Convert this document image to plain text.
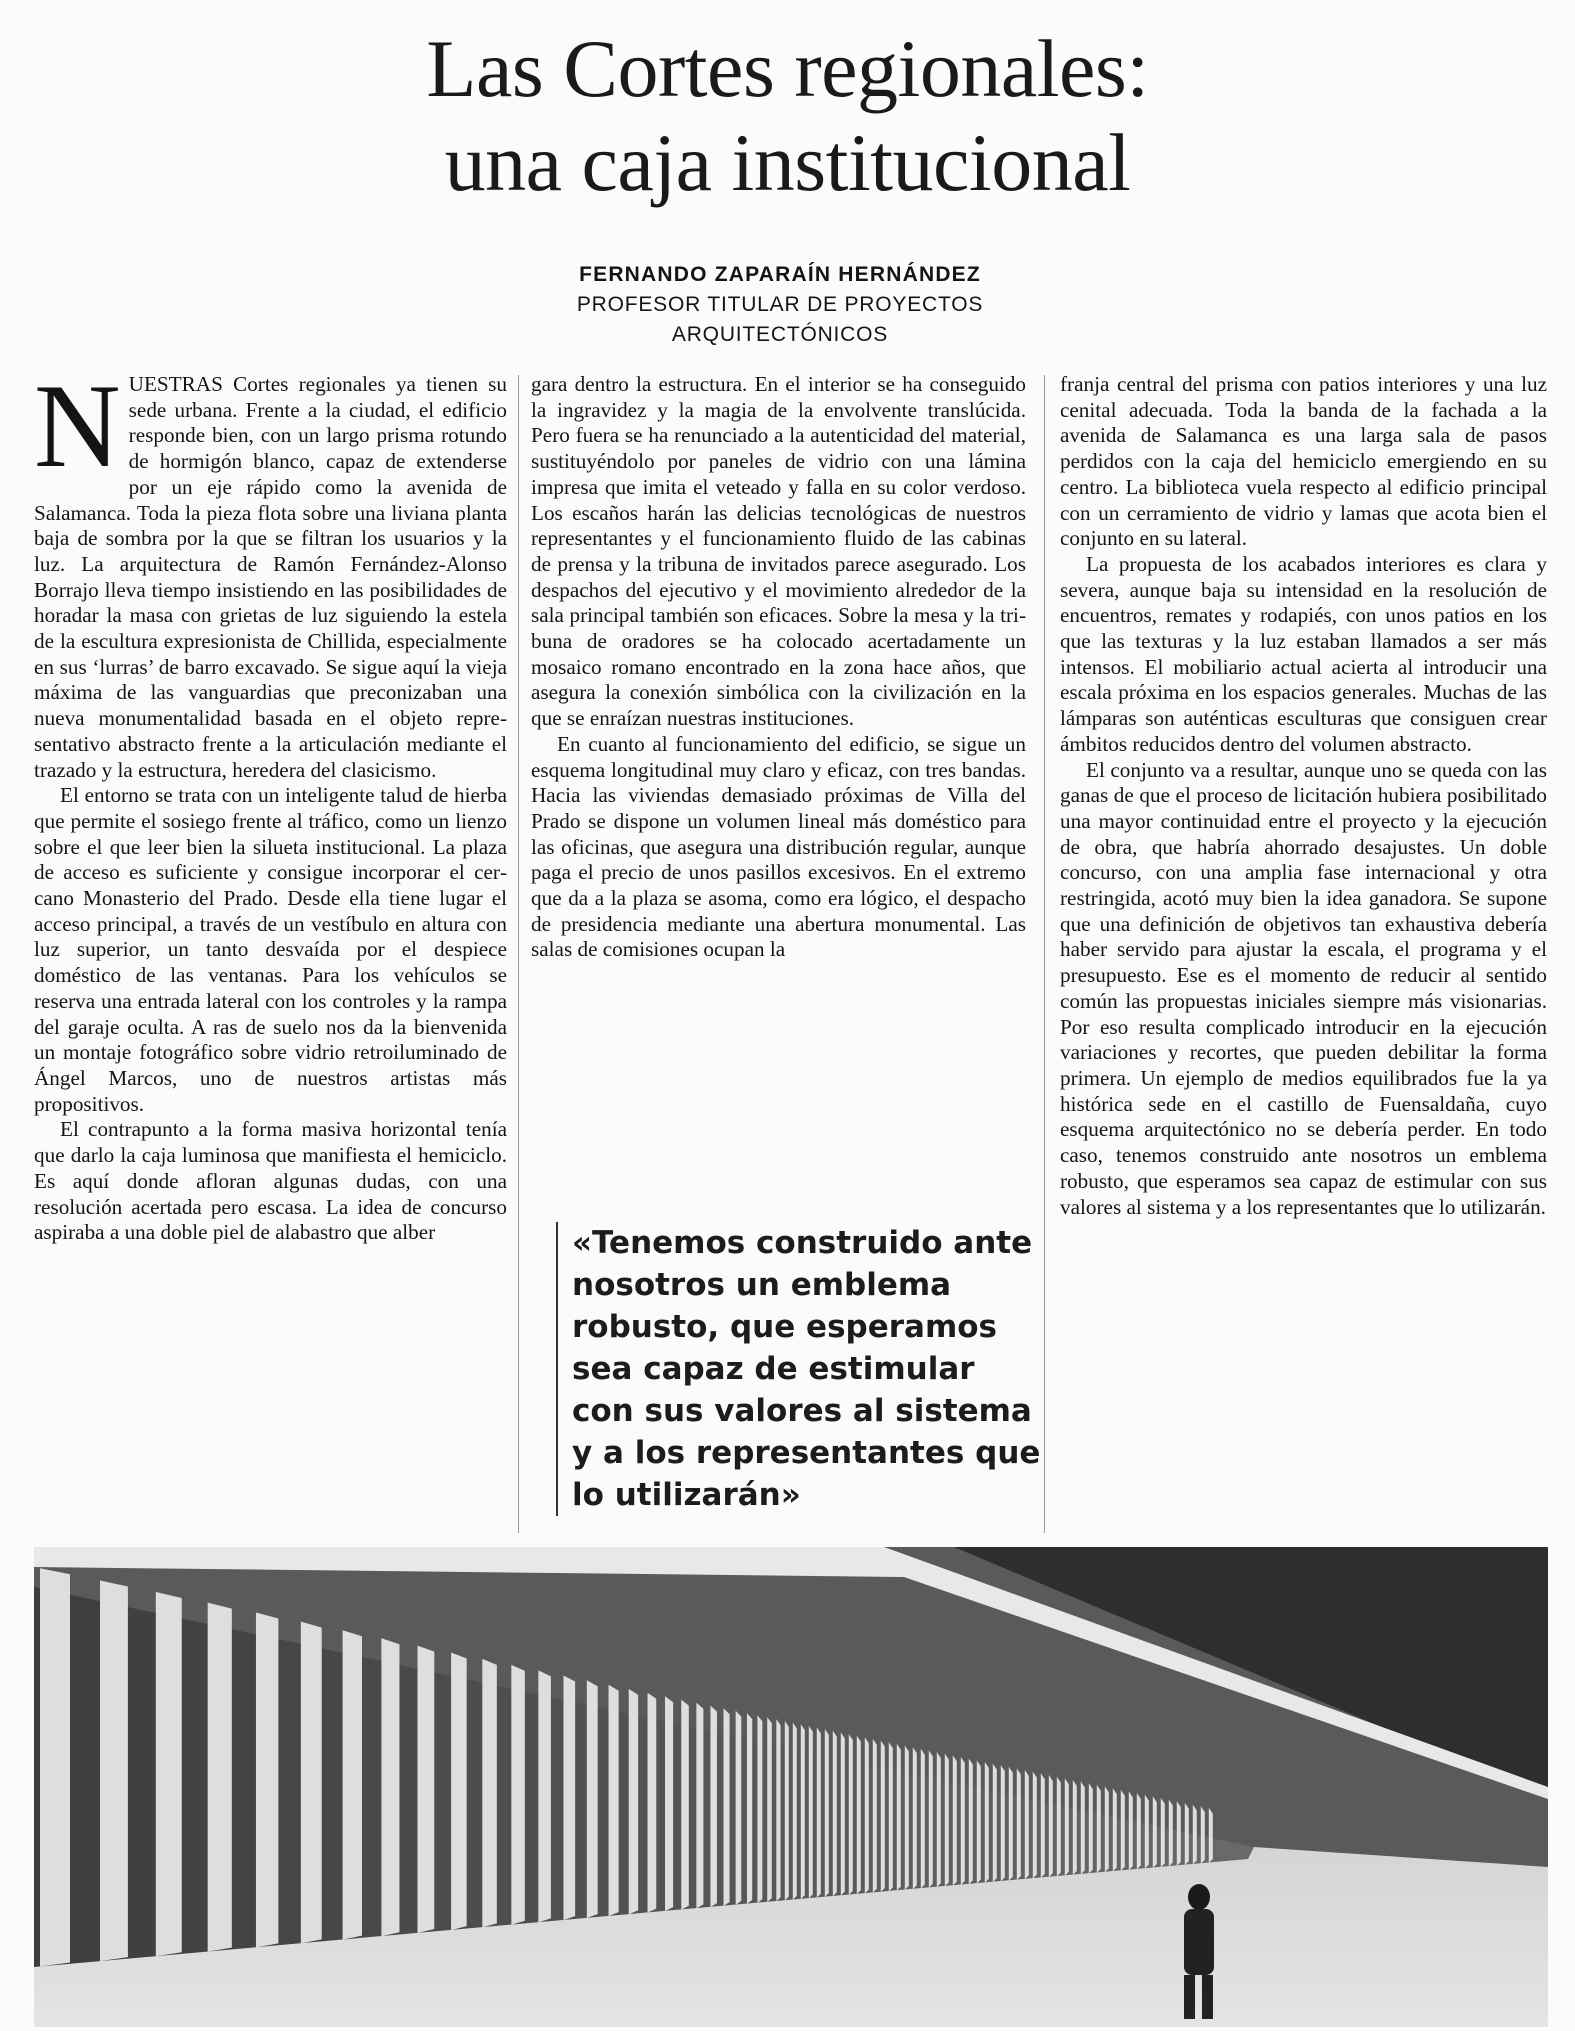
Las Cortes regionales:
una caja institucional
FERNANDO ZAPARAÍN HERNÁNDEZ
PROFESOR TITULAR DE PROYECTOS ARQUITECTÓNICOS

NUESTRAS Cortes regionales ya tienen su sede urbana. Frente a la ciudad, el edificio responde bien, con un largo prisma rotundo de hormigón blanco, capaz de extenderse por un eje rápido como la avenida de Salamanca. Toda la pieza flota sobre una liviana planta baja de sombra por la que se filtran los usuarios y la luz. La arquitectura de Ramón Fernández-Alonso Borrajo lleva tiempo insistiendo en las posibilidades de horadar la masa con grietas de luz siguiendo la estela de la escultura expresionista de Chillida, especialmente en sus ‘lurras’ de barro excavado. Se sigue aquí la vieja máxima de las vanguardias que preconizaban una nueva monumentalidad basada en el objeto representativo abstracto frente a la articulación mediante el trazado y la estructura, heredera del clasicismo.

El entorno se trata con un inteligente talud de hierba que permite el sosiego frente al tráfico, como un lienzo sobre el que leer bien la silueta institucional. La plaza de acceso es suficiente y consigue incorporar el cercano Monasterio del Prado. Desde ella tiene lugar el acceso principal, a través de un vestíbulo en altura con luz superior, un tanto desvaída por el despiece doméstico de las ventanas. Para los vehículos se reserva una entrada lateral con los controles y la rampa del garaje oculta. A ras de suelo nos da la bienvenida un montaje fotográfico sobre vidrio retroiluminado de Ángel Marcos, uno de nuestros artistas más propositivos.

El contrapunto a la forma masiva horizontal tenía que darlo la caja luminosa que manifiesta el hemiciclo. Es aquí donde afloran algunas dudas, con una resolución acertada pero escasa. La idea de concurso aspiraba a una doble piel de alabastro que alber

gara dentro la estructura. En el interior se ha conseguido la ingravidez y la magia de la envolvente translúcida. Pero fuera se ha renunciado a la autenticidad del material, sustituyéndolo por paneles de vidrio con una lámina impresa que imita el veteado y falla en su color verdoso. Los escaños harán las delicias tecnológicas de nuestros representantes y el funcionamiento fluido de las cabinas de prensa y la tribuna de invitados parece asegurado. Los despachos del ejecutivo y el movimiento alrededor de la sala principal también son eficaces. Sobre la mesa y la tribuna de oradores se ha colocado acertadamente un mosaico romano encontrado en la zona hace años, que asegura la conexión simbólica con la civilización en la que se enraízan nuestras instituciones.

En cuanto al funcionamiento del edificio, se sigue un esquema longitudinal muy claro y eficaz, con tres bandas. Hacia las viviendas demasiado próximas de Villa del Prado se dispone un volumen lineal más doméstico para las oficinas, que asegura una distribución regular, aunque paga el precio de unos pasillos excesivos. En el extremo que da a la plaza se asoma, como era lógico, el despacho de presidencia mediante una abertura monumental. Las salas de comisiones ocupan la

«Tenemos construido ante nosotros un emblema robusto, que esperamos sea capaz de estimular con sus valores al sistema y a los representantes que lo utilizarán»

franja central del prisma con patios interiores y una luz cenital adecuada. Toda la banda de la fachada a la avenida de Salamanca es una larga sala de pasos perdidos con la caja del hemiciclo emergiendo en su centro. La biblioteca vuela respecto al edificio principal con un cerramiento de vidrio y lamas que acota bien el conjunto en su lateral.

La propuesta de los acabados interiores es clara y severa, aunque baja su intensidad en la resolución de encuentros, remates y rodapiés, con unos patios en los que las texturas y la luz estaban llamados a ser más intensos. El mobiliario actual acierta al introducir una escala próxima en los espacios generales. Muchas de las lámparas son auténticas esculturas que consiguen crear ámbitos reducidos dentro del volumen abstracto.

El conjunto va a resultar, aunque uno se queda con las ganas de que el proceso de licitación hubiera posibilitado una mayor continuidad entre el proyecto y la ejecución de obra, que habría ahorrado desajustes. Un doble concurso, con una amplia fase internacional y otra restringida, acotó muy bien la idea ganadora. Se supone que una definición de objetivos tan exhaustiva debería haber servido para ajustar la escala, el programa y el presupuesto. Ese es el momento de reducir al sentido común las propuestas iniciales siempre más visionarias. Por eso resulta complicado introducir en la ejecución variaciones y recortes, que pueden debilitar la forma primera. Un ejemplo de medios equilibrados fue la ya histórica sede en el castillo de Fuensaldaña, cuyo esquema arquitectónico no se debería perder. En todo caso, tenemos construido ante nosotros un emblema robusto, que esperamos sea capaz de estimular con sus valores al sistema y a los representantes que lo utilizarán.
